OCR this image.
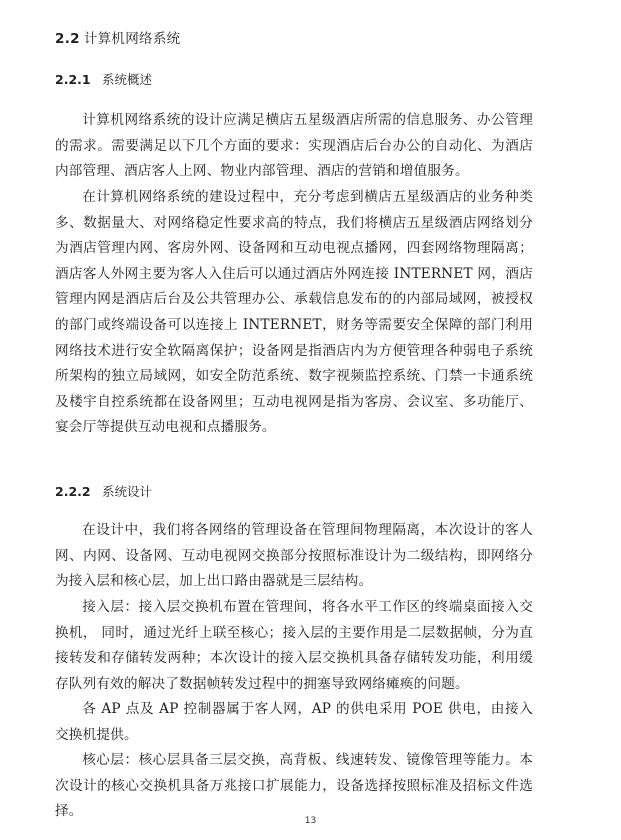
2.2 计算机网络系统
2.2.1 系统概述

计算机网络系统的设计应满足横店五星级酒店所需的信息服务、办公管理的需求。需要满足以下几个方面的要求：实现酒店后台办公的自动化、为酒店内部管理、酒店客人上网、物业内部管理、酒店的营销和增值服务。

在计算机网络系统的建设过程中，充分考虑到横店五星级酒店的业务种类多、数据量大、对网络稳定性要求高的特点，我们将横店五星级酒店网络划分为酒店管理内网、客房外网、设备网和互动电视点播网，四套网络物理隔离；酒店客人外网主要为客人入住后可以通过酒店外网连接 INTERNET 网，酒店管理内网是酒店后台及公共管理办公、承载信息发布的的内部局域网，被授权的部门或终端设备可以连接上 INTERNET，财务等需要安全保障的部门利用网络技术进行安全软隔离保护；设备网是指酒店内为方便管理各种弱电子系统所架构的独立局域网，如安全防范系统、数字视频监控系统、门禁一卡通系统及楼宇自控系统都在设备网里；互动电视网是指为客房、会议室、多功能厅、宴会厅等提供互动电视和点播服务。

2.2.2 系统设计

在设计中，我们将各网络的管理设备在管理间物理隔离，本次设计的客人网、内网、设备网、互动电视网交换部分按照标准设计为二级结构，即网络分为接入层和核心层，加上出口路由器就是三层结构。

接入层：接入层交换机布置在管理间，将各水平工作区的终端桌面接入交换机， 同时，通过光纤上联至核心；接入层的主要作用是二层数据帧，分为直接转发和存储转发两种；本次设计的接入层交换机具备存储转发功能，利用缓存队列有效的解决了数据帧转发过程中的拥塞导致网络瘫痪的问题。

各 AP 点及 AP 控制器属于客人网，AP 的供电采用 POE 供电，由接入交换机提供。

核心层：核心层具备三层交换，高背板、线速转发、镜像管理等能力。本次设计的核心交换机具备万兆接口扩展能力，设备选择按照标准及招标文件选择。

13
